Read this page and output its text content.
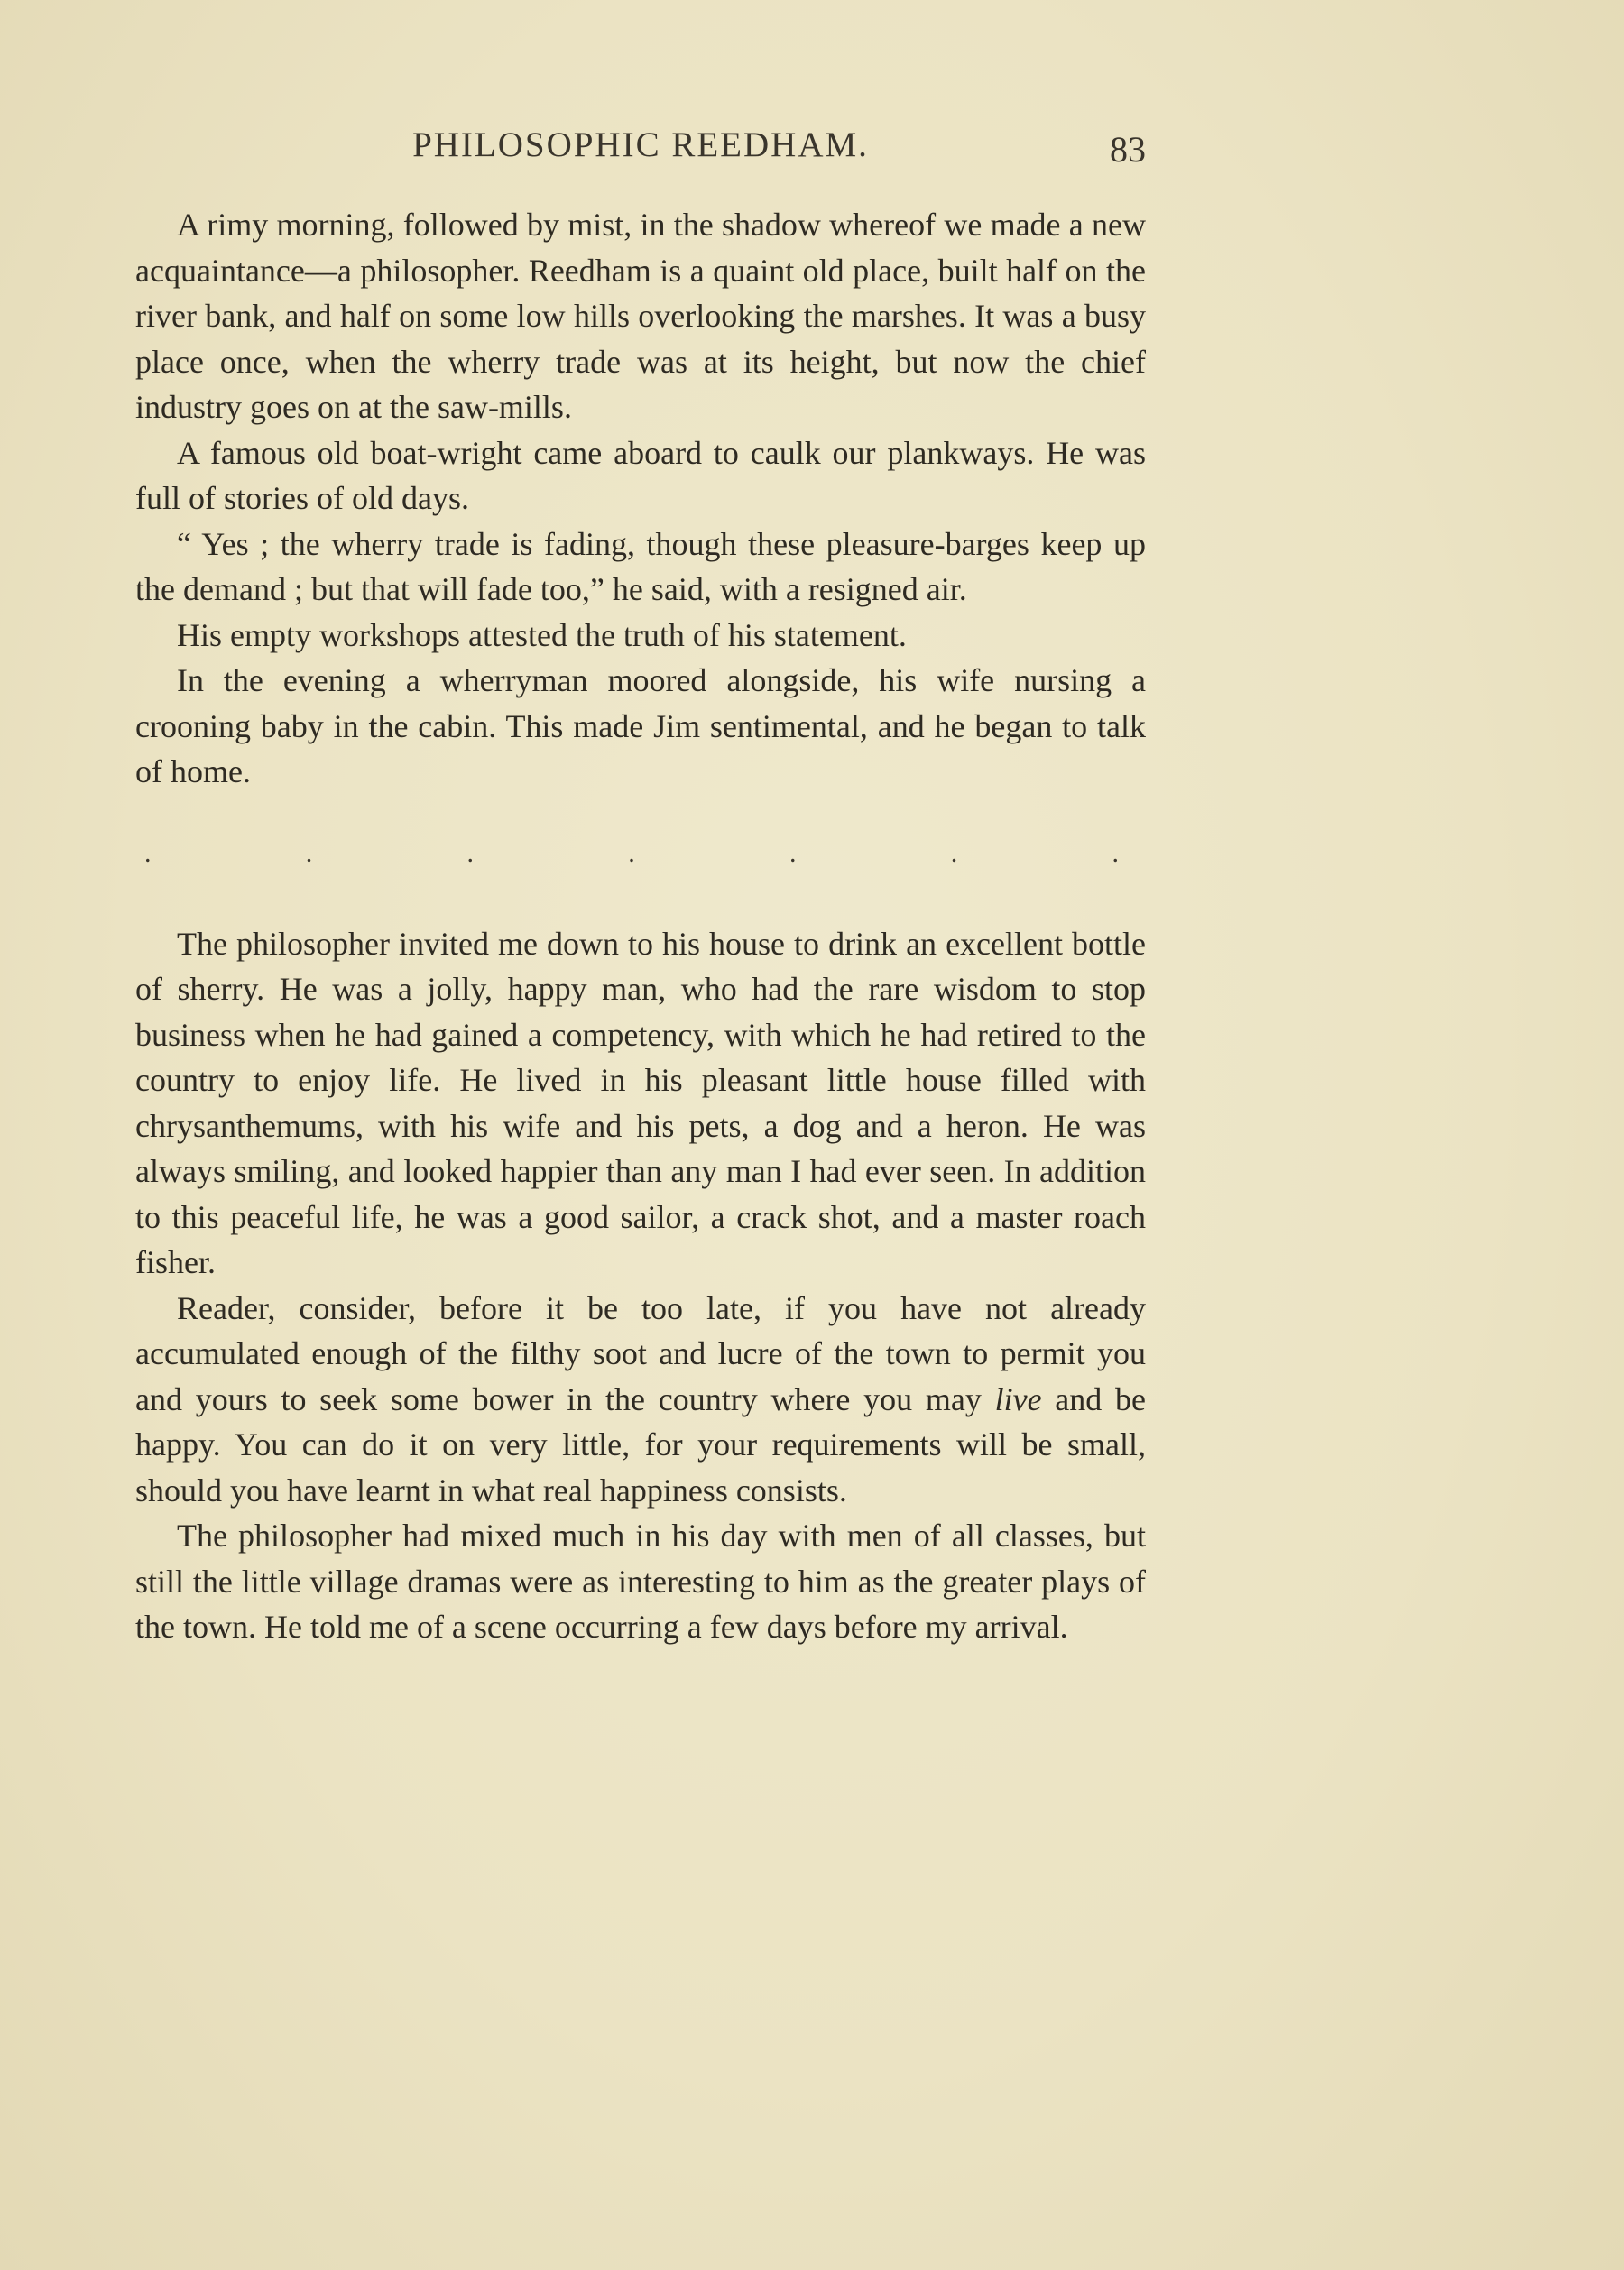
PHILOSOPHIC REEDHAM.	83

A rimy morning, followed by mist, in the shadow whereof we made a new acquaintance—a philosopher. Reedham is a quaint old place, built half on the river bank, and half on some low hills overlooking the marshes. It was a busy place once, when the wherry trade was at its height, but now the chief industry goes on at the saw-mills.

A famous old boat-wright came aboard to caulk our plankways. He was full of stories of old days.

“ Yes ; the wherry trade is fading, though these pleasure-barges keep up the demand ; but that will fade too,” he said, with a resigned air.

His empty workshops attested the truth of his statement.

In the evening a wherryman moored alongside, his wife nursing a crooning baby in the cabin. This made Jim sentimental, and he began to talk of home.

.	.	.	.	.	.	.

The philosopher invited me down to his house to drink an excellent bottle of sherry. He was a jolly, happy man, who had the rare wisdom to stop business when he had gained a competency, with which he had retired to the country to enjoy life. He lived in his pleasant little house filled with chrysanthemums, with his wife and his pets, a dog and a heron. He was always smiling, and looked happier than any man I had ever seen. In addition to this peaceful life, he was a good sailor, a crack shot, and a master roach fisher.

Reader, consider, before it be too late, if you have not already accumulated enough of the filthy soot and lucre of the town to permit you and yours to seek some bower in the country where you may live and be happy. You can do it on very little, for your requirements will be small, should you have learnt in what real happiness consists.

The philosopher had mixed much in his day with men of all classes, but still the little village dramas were as interesting to him as the greater plays of the town. He told me of a scene occurring a few days before my arrival.
